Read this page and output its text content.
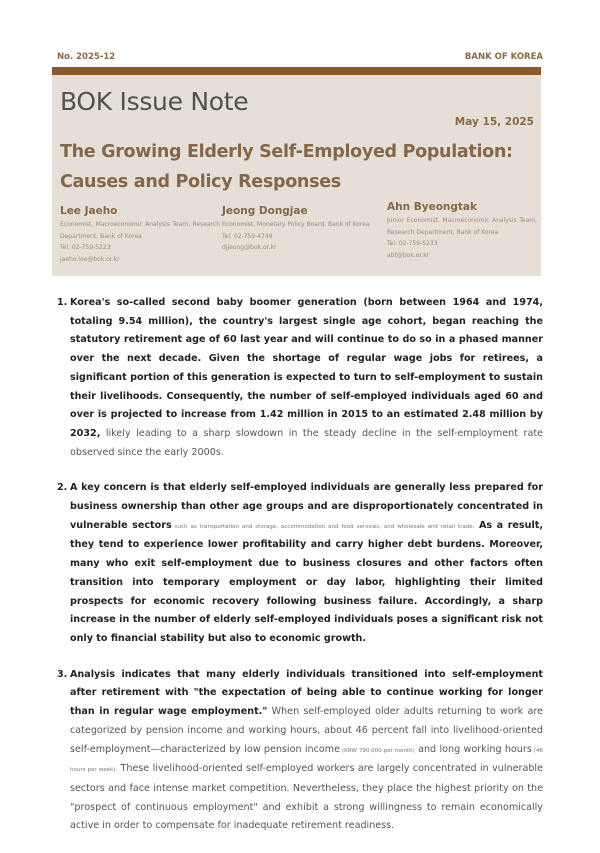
No. 2025-12	BANK OF KOREA
BOK Issue Note
May 15, 2025
The Growing Elderly Self-Employed Population: Causes and Policy Responses
Lee Jaeho
Economist, Macroeconomic Analysis Team, Research Department, Bank of Korea
Tel. 02-759-5223
jaeho.lee@bok.or.kr
Jeong Dongjae
Economist, Monetary Policy Board, Bank of Korea
Tel. 02-759-4749
djjeong@bok.or.kr
Ahn Byeongtak
Junior Economist, Macroeconomic Analysis Team, Research Department, Bank of Korea
Tel. 02-759-5233
abt@bok.or.kr
1. Korea's so-called second baby boomer generation (born between 1964 and 1974, totaling 9.54 million), the country's largest single age cohort, began reaching the statutory retirement age of 60 last year and will continue to do so in a phased manner over the next decade. Given the shortage of regular wage jobs for retirees, a significant portion of this generation is expected to turn to self-employment to sustain their livelihoods. Consequently, the number of self-employed individuals aged 60 and over is projected to increase from 1.42 million in 2015 to an estimated 2.48 million by 2032, likely leading to a sharp slowdown in the steady decline in the self-employment rate observed since the early 2000s.
2. A key concern is that elderly self-employed individuals are generally less prepared for business ownership than other age groups and are disproportionately concentrated in vulnerable sectors such as transportation and storage, accommodation and food services, and wholesale and retail trade. As a result, they tend to experience lower profitability and carry higher debt burdens. Moreover, many who exit self-employment due to business closures and other factors often transition into temporary employment or day labor, highlighting their limited prospects for economic recovery following business failure. Accordingly, a sharp increase in the number of elderly self-employed individuals poses a significant risk not only to financial stability but also to economic growth.
3. Analysis indicates that many elderly individuals transitioned into self-employment after retirement with "the expectation of being able to continue working for longer than in regular wage employment." When self-employed older adults returning to work are categorized by pension income and working hours, about 46 percent fall into livelihood-oriented self-employment—characterized by low pension income (KRW 790,000 per month) and long working hours (46 hours per week). These livelihood-oriented self-employed workers are largely concentrated in vulnerable sectors and face intense market competition. Nevertheless, they place the highest priority on the "prospect of continuous employment" and exhibit a strong willingness to remain economically active in order to compensate for inadequate retirement readiness.
